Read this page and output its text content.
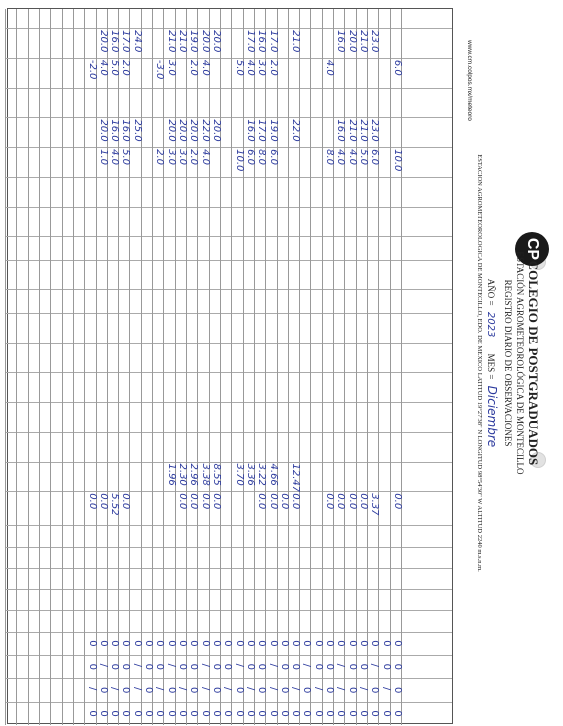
CP
COLEGIO DE POSTGRADUADOS
ESTACIÓN AGROMETEOROLÓGICA DE MONTECILLO
REGISTRO DIARIO DE OBSERVACIONES
AÑO = 2023 MES = Diciembre
ESTACION AGROMETEOROLOGICA DE MONTECILLO, EDO. DE MEXICO LATITUD 19°27'38" N LONGITUD 98°54'30" W ALTITUD 2240 m.s.n.m.
www.cm.colpos.mx/meteoro
23.0
21.0
20.0
16.0
21.0
17.0
16.0
17.0
20.0
20.0
19.0
21.0
21.0
24.0
17.0
16.0
20.0
6.0
4.0
2.0
3.0
4.0
5.0
4.0
2.0
3.0
-3.0
2.0
5.0
4.0
-2.0
23.0
21.0
21.0
16.0
22.0
19.0
17.0
16.0
20.0
22.0
20.0
20.0
20.0
25.0
16.0
16.0
20.0
10.0
6.0
5.0
4.0
4.0
8.0
6.0
8.0
6.0
10.0
4.0
2.0
3.0
3.0
2.0
5.0
4.0
1.0
0.0
0.0
0.0	3.37
0.0
0.0
0.0
0.0
0.0
0.0
0.0
0.0
0.0
0.0
0.0
5.52
0.0
0.0
12.47
4.66
3.22
3.36
3.70
8.55
3.38
2.96
2.30
1.96
0
0
0
0
0
0
/
0
0
/
0
0
0
0
/
0
0
0
0
0
0
/
/
0
0
0
0
0
0
0
/
0
0
/
0
0
0
0
/
0
0
0
0
0
0
/
/
0
0
0
0
0
0
0
/
0
0
/
0
0
0
0
/
0
0
0
0
0
0
/
/
0
0
0
0
0
0
0
/
0
0
/
0
0
0
0
/
0
0
0
0
0
0
/
/
0
0
0
0
0
0
0
/
0
0
/
0
0
0
0
/
0
